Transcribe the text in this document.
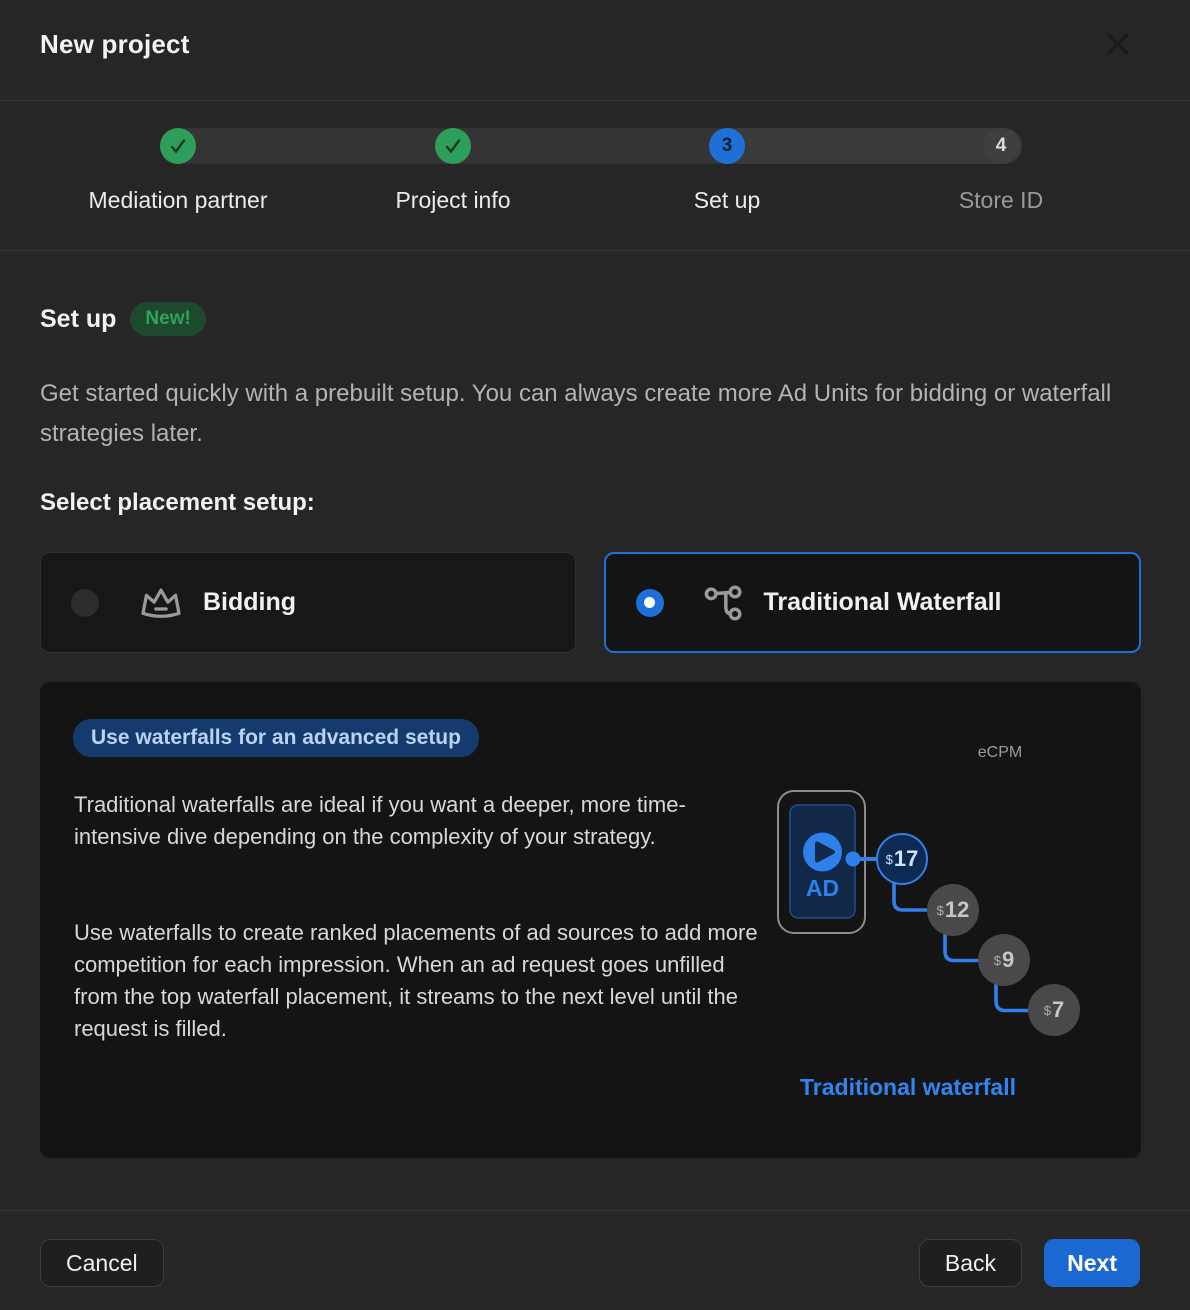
New project
3	4
Mediation partner	Project info	Set up	Store ID
Set up	New!
Get started quickly with a prebuilt setup. You can always create more Ad Units for bidding or waterfall strategies later.
Select placement setup:
Bidding	Traditional Waterfall
Use waterfalls for an advanced setup
Traditional waterfalls are ideal if you want a deeper, more time-intensive dive depending on the complexity of your strategy.
Use waterfalls to create ranked placements of ad sources to add more competition for each impression. When an ad request goes unfilled from the top waterfall placement, it streams to the next level until the request is filled.
eCPM
AD
$ 17
$ 12
$ 9
$ 7
Traditional waterfall
Cancel	Back	Next
